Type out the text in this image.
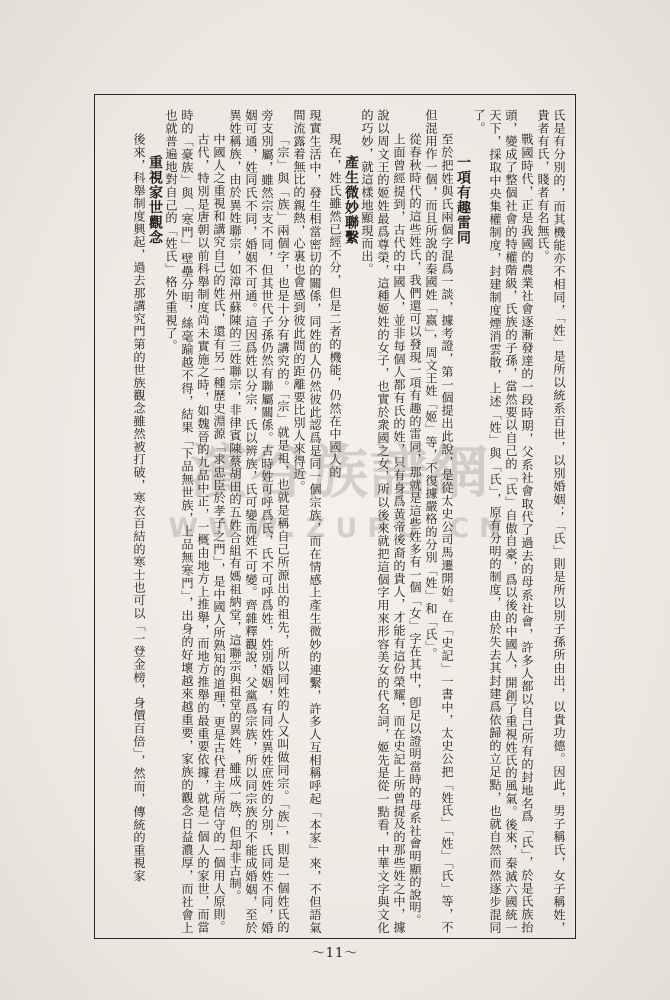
氏是有分別的，而其機能亦不相同，「姓」是所以統系百世，以別婚姻；「氏」則是所以別子孫所由出，以貴功德。因此，男子稱氏，女子稱姓，貴者有氏，賤者有名無氏。

戰國時代，正是我國的農業社會逐漸發達的一段時期，父系社會取代了過去的母系社會，許多人都以自己所有的封地名爲「氏」，於是氏族抬頭，變成了整個社會的特權階級，氏族的子孫，當然要以自己的「氏」自傲自豪，爲以後的中國人，開創了重視姓氏的風氣。後來，秦滅六國統一天下，採取中央集權制度，封建制度煙消雲散，上述「姓」與「氏」，原有分明的制度，由於失去其封建爲依歸的立足點，也就自然而然逐步混同了。

一項有趣雷同

至於把姓與氏兩個字混爲一談，據考證，第一個提出此說，是從太史公司馬遷開始。在「史記」一書中，太史公把「姓氏」「姓」「氏」等，不但混用作一個，而且所說的秦國姓「嬴」，周文王姓「姬」等，不復據嚴格的分別「姓」和「氏」。

從春秋時代的這些姓氏，我們還可以發現一項有趣的雷同，那就是這些姓多有一個「女」字在其中，卽足以證明當時的母系社會明顯的說明。

上面曾經提到，古代的中國人，並非每個人都有氏的姓，只有身爲黃帝後裔的貴人，才能有這份榮耀，而在史記上所曾提及的那些姓之中，據說以周文王的姬姓最爲尊榮，這種姬姓的女子，也實於衆國之女，所以後來就把這個字用來形容美女的代名詞，姬先是從一點看，中華文字與文化的巧妙，就這樣地顯現而出。

產生微妙聯繫

現在，姓氏雖然已經不分，但是二者的機能，仍然在中國人的

現實生活中，發生相當密切的關係，同姓的人仍然彼此認爲是同一個宗族，而在情感上產生微妙的連繫，許多人互相稱呼起「本家」來，不但語氣間流露着無比的親熱，心裏也會感到彼此間的距離要比別人來得近。

「宗」與「族」兩個字，也是十分有講究的。「宗」就是祖，也就是稱自己所源出的祖先，所以同姓的人又叫做同宗。「族」，則是一個姓氏的旁支別屬，雖然宗支不同，但其世代子孫仍然有聯屬關係。古時姓可呼爲氏，氏不可呼爲姓，姓別婚姻，有同姓異姓庶姓的分別，氏同姓不同，婚姻可通，姓同氏不同，婚姻不可通。這因爲姓以分宗，氏以辨族，氏可變而姓不可變。齊雜釋觀說，父黨爲宗族，所以同宗族的不能成婚姻，至於異姓稱族，由於異姓聯宗，如漳州蘇陳的三姓聯宗，非律賓陳蔡胡田的五姓合組有媽祖納堂，這聯宗與祖堂的異姓，雖成一族，但却非古制。

中國人之重視和講究自己的姓氏，還有另一種歷史淵源「求忠臣於孝子之門」，是中國人所熟知的道理，更是古代君主所信守的一個用人原則。

古代，特別是唐朝以前科舉制度尚未實施之時，如魏晉的九品中正，一概由地方上推舉，而地方推舉的最重要依據，就是一個人的家世，而當時的「豪族」與「寒門」壁壘分明，絲毫踰越不得，結果「下品無世族，上品無寒門」，出身的好壞越來越重要，家族的觀念日益濃厚，而社會上也就普遍地對自己的「姓氏」格外重視了。

重視家世觀念

後來，科舉制度興起，過去那講究門第的世族觀念雖然被打破，寒衣百結的寒士也可以「一登金榜，身價百倍」，然而，傳統的重視家 濱谷族譜網
WWW.ZUPU.CN
～11～
